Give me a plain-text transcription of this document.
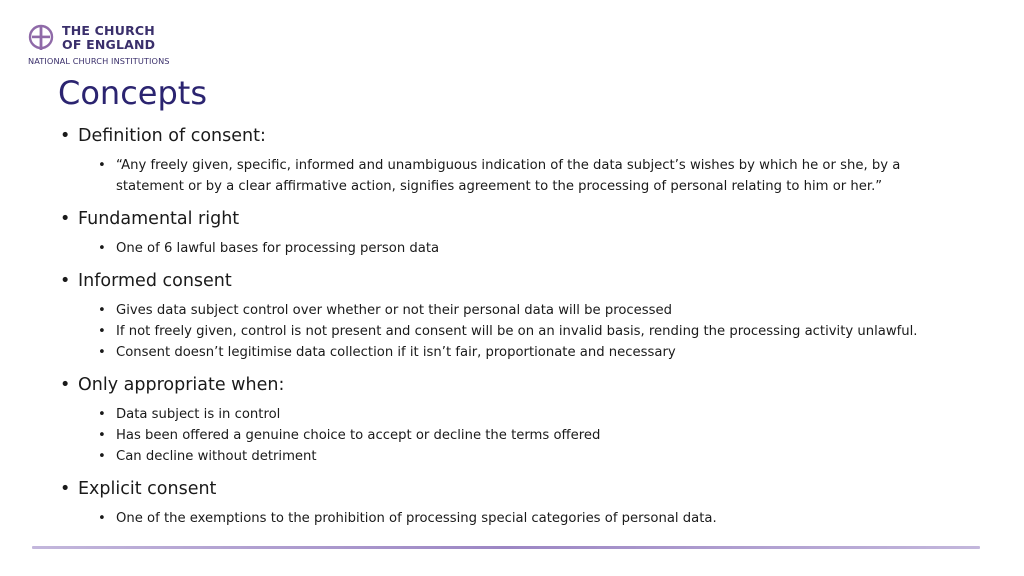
THE CHURCH
OF ENGLAND
NATIONAL CHURCH INSTITUTIONS
Concepts
• Definition of consent:
• “Any freely given, specific, informed and unambiguous indication of the data subject’s wishes by which he or she, by a statement or by a clear affirmative action, signifies agreement to the processing of personal relating to him or her.”
• Fundamental right
• One of 6 lawful bases for processing person data
• Informed consent
• Gives data subject control over whether or not their personal data will be processed
• If not freely given, control is not present and consent will be on an invalid basis, rending the processing activity unlawful.
• Consent doesn’t legitimise data collection if it isn’t fair, proportionate and necessary
• Only appropriate when:
• Data subject is in control
• Has been offered a genuine choice to accept or decline the terms offered
• Can decline without detriment
• Explicit consent
• One of the exemptions to the prohibition of processing special categories of personal data.
